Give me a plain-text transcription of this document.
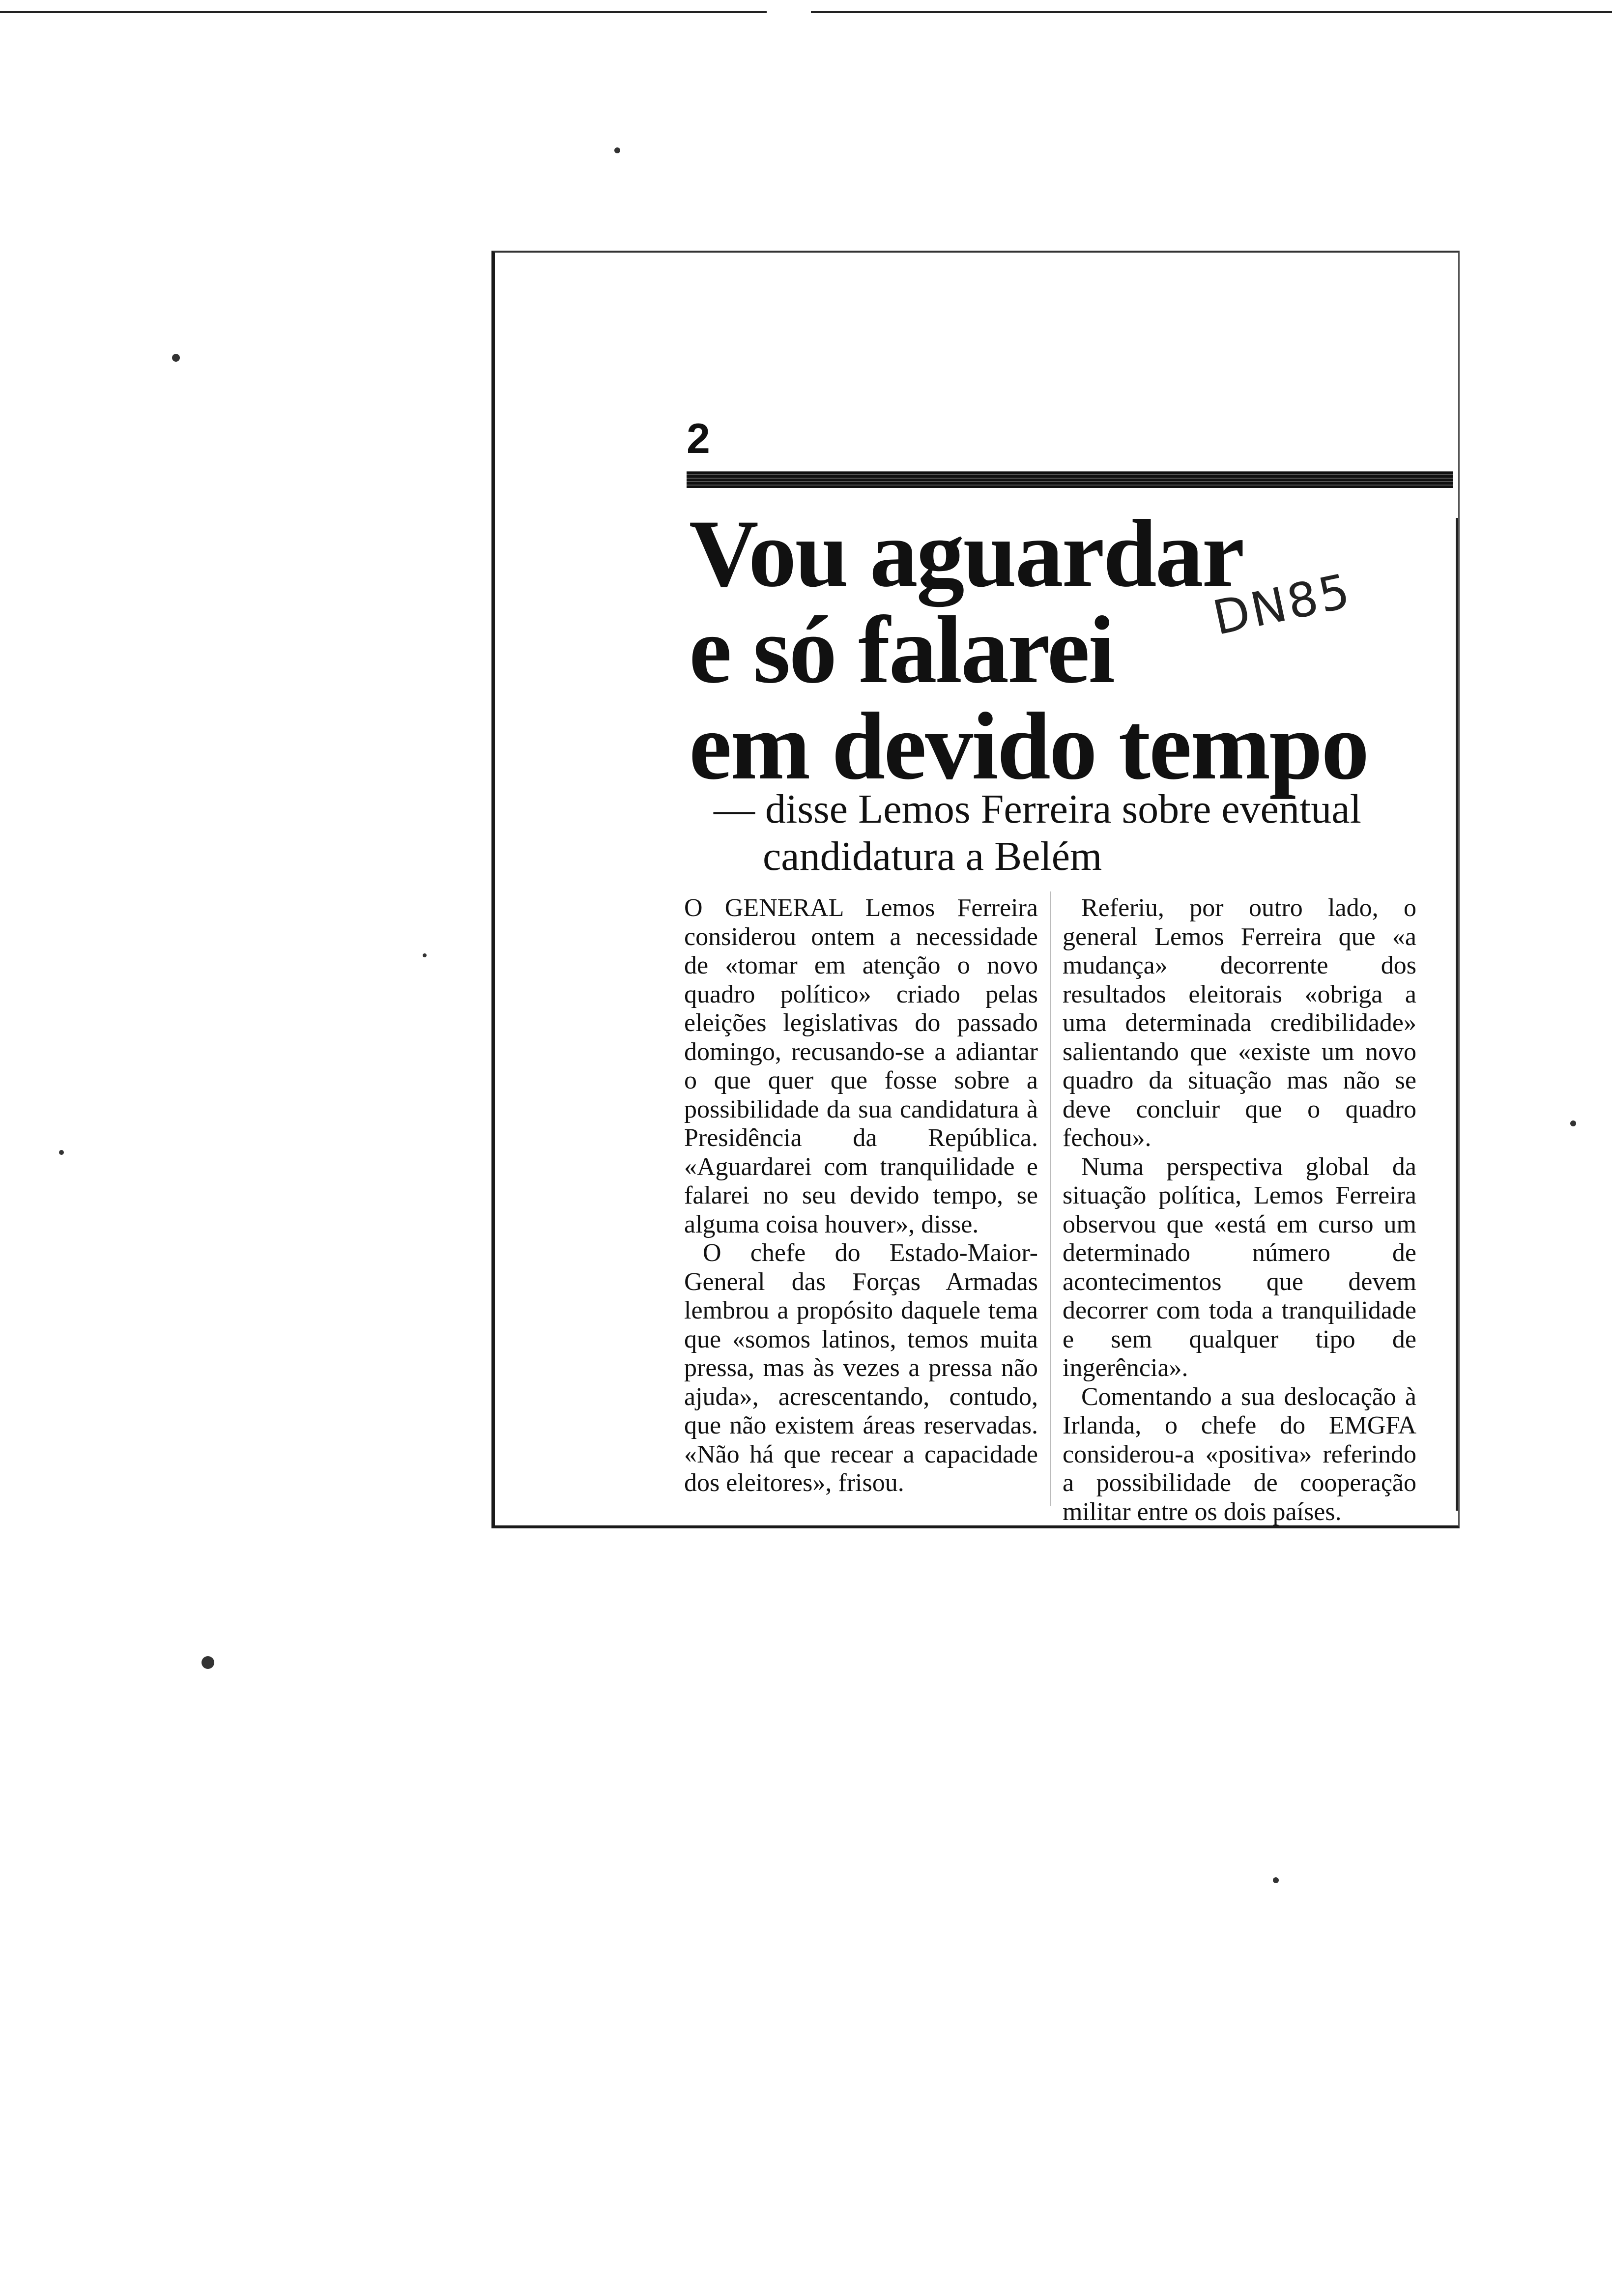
2
Vou aguardar
e só falarei
em devido tempo
DN85
— disse Lemos Ferreira sobre eventual
candidatura a Belém

O GENERAL Lemos Ferreira considerou ontem a necessidade de «tomar em atenção o novo quadro político» criado pelas eleições legislativas do passado domingo, recusando-se a adiantar o que quer que fosse sobre a possibilidade da sua candidatura à Presidência da República. «Aguardarei com tranquilidade e falarei no seu devido tempo, se alguma coisa houver», disse.

O chefe do Estado-Maior-General das Forças Armadas lembrou a propósito daquele tema que «somos latinos, temos muita pressa, mas às vezes a pressa não ajuda», acrescentando, contudo, que não existem áreas reservadas. «Não há que recear a capacidade dos eleitores», frisou.

Referiu, por outro lado, o general Lemos Ferreira que «a mudança» decorrente dos resultados eleitorais «obriga a uma determinada credibilidade» salientando que «existe um novo quadro da situação mas não se deve concluir que o quadro fechou».

Numa perspectiva global da situação política, Lemos Ferreira observou que «está em curso um determinado número de acontecimentos que devem decorrer com toda a tranquilidade e sem qualquer tipo de ingerência».

Comentando a sua deslocação à Irlanda, o chefe do EMGFA considerou-a «positiva» referindo a possibilidade de cooperação militar entre os dois países.
